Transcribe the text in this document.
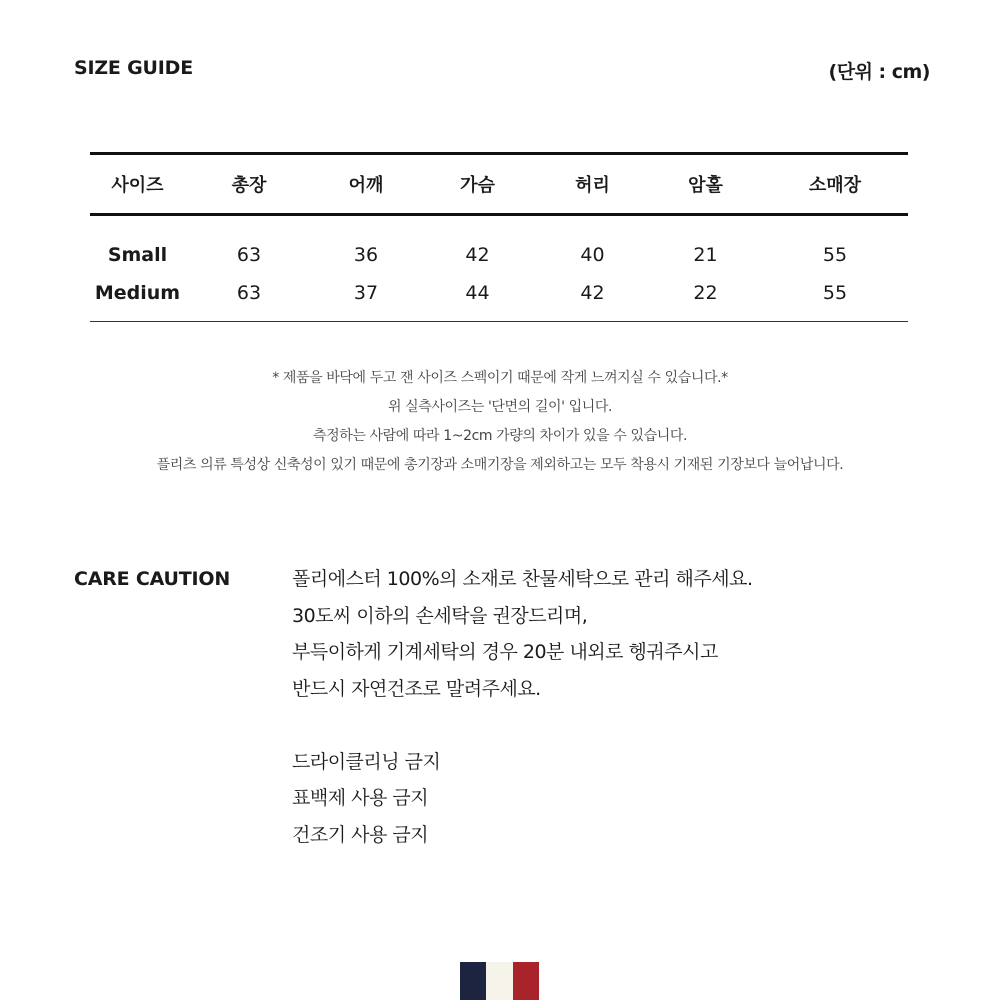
SIZE GUIDE	(단위 : cm)
사이즈	총장	어깨	가슴	허리	암홀	소매장
Small	63	36	42	40	21	55
Medium	63	37	44	42	22	55
* 제품을 바닥에 두고 잰 사이즈 스펙이기 때문에 작게 느껴지실 수 있습니다.*
위 실측사이즈는 '단면의 길이' 입니다.
측정하는 사람에 따라 1~2cm 가량의 차이가 있을 수 있습니다.
플리츠 의류 특성상 신축성이 있기 때문에 총기장과 소매기장을 제외하고는 모두 착용시 기재된 기장보다 늘어납니다.
CARE CAUTION	폴리에스터 100%의 소재로 찬물세탁으로 관리 해주세요.
30도씨 이하의 손세탁을 권장드리며,
부득이하게 기계세탁의 경우 20분 내외로 헹궈주시고
반드시 자연건조로 말려주세요.
드라이클리닝 금지
표백제 사용 금지
건조기 사용 금지
